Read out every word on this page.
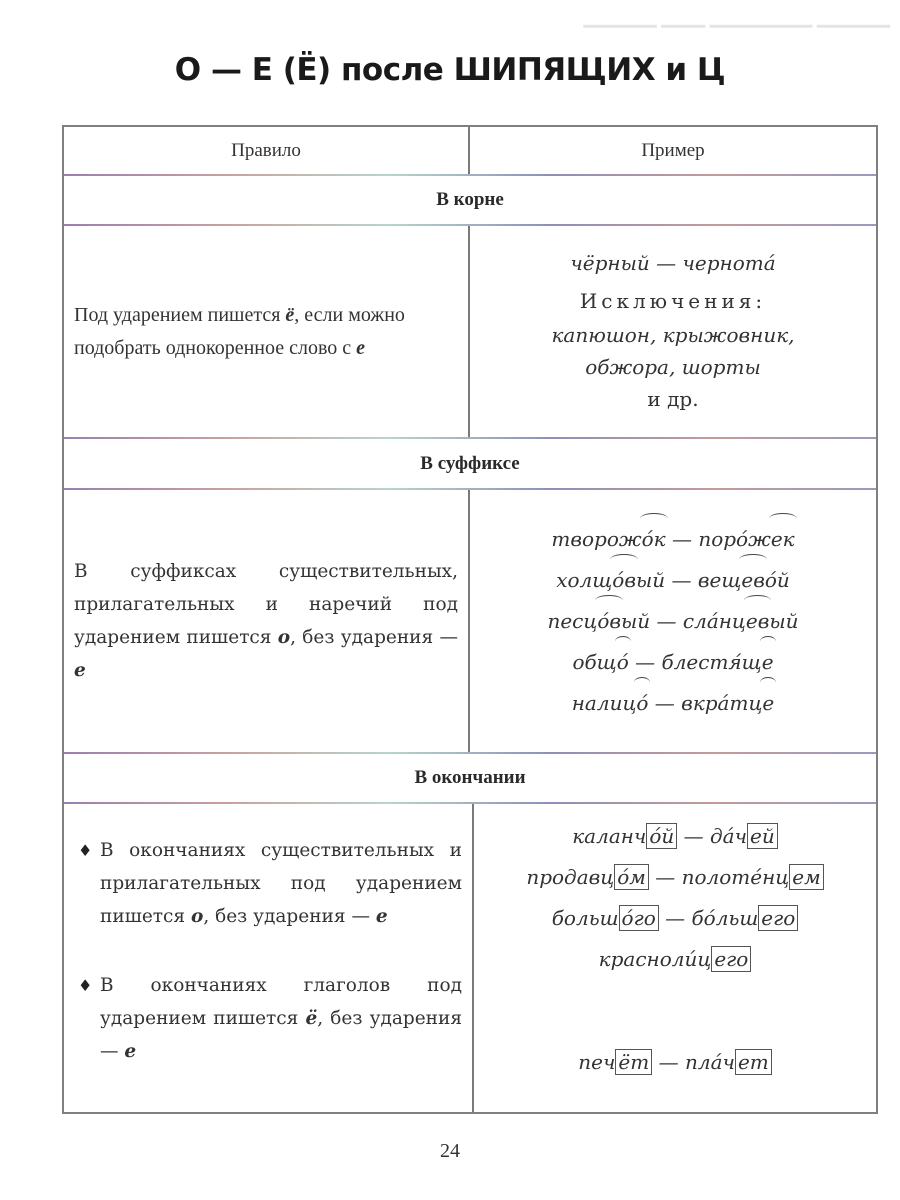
▁▁▁▁▁ ▁▁▁ ▁▁▁▁▁▁▁ ▁▁▁▁▁
О — Е (Ё) после ШИПЯЩИХ и Ц
Правило	Пример
В корне
Под ударением пишется ё, если можно подобрать однокоренное слово с е
чёрный — чернотá
Исключения:
капюшон, крыжовник,
обжора, шорты
и др.
В суффиксе
В суффиксах существительных, прилагательных и наречий под ударением пишется о, без ударения — е
творожóк — порóжек
холщóвый — вещевóй
песцóвый — слáнцевый
общó — блестя́ще
налицó — вкрáтце
В окончании
♦ В окончаниях существительных и прилагательных под ударением пишется о, без ударения — е
♦ В окончаниях глаголов под ударением пишется ё, без ударения — е
каланч óй — дáч ей
продавц óм — полотéнц ем
больш óго — бóльш его
краснолúц его
печ ёт — плáч ет
24
